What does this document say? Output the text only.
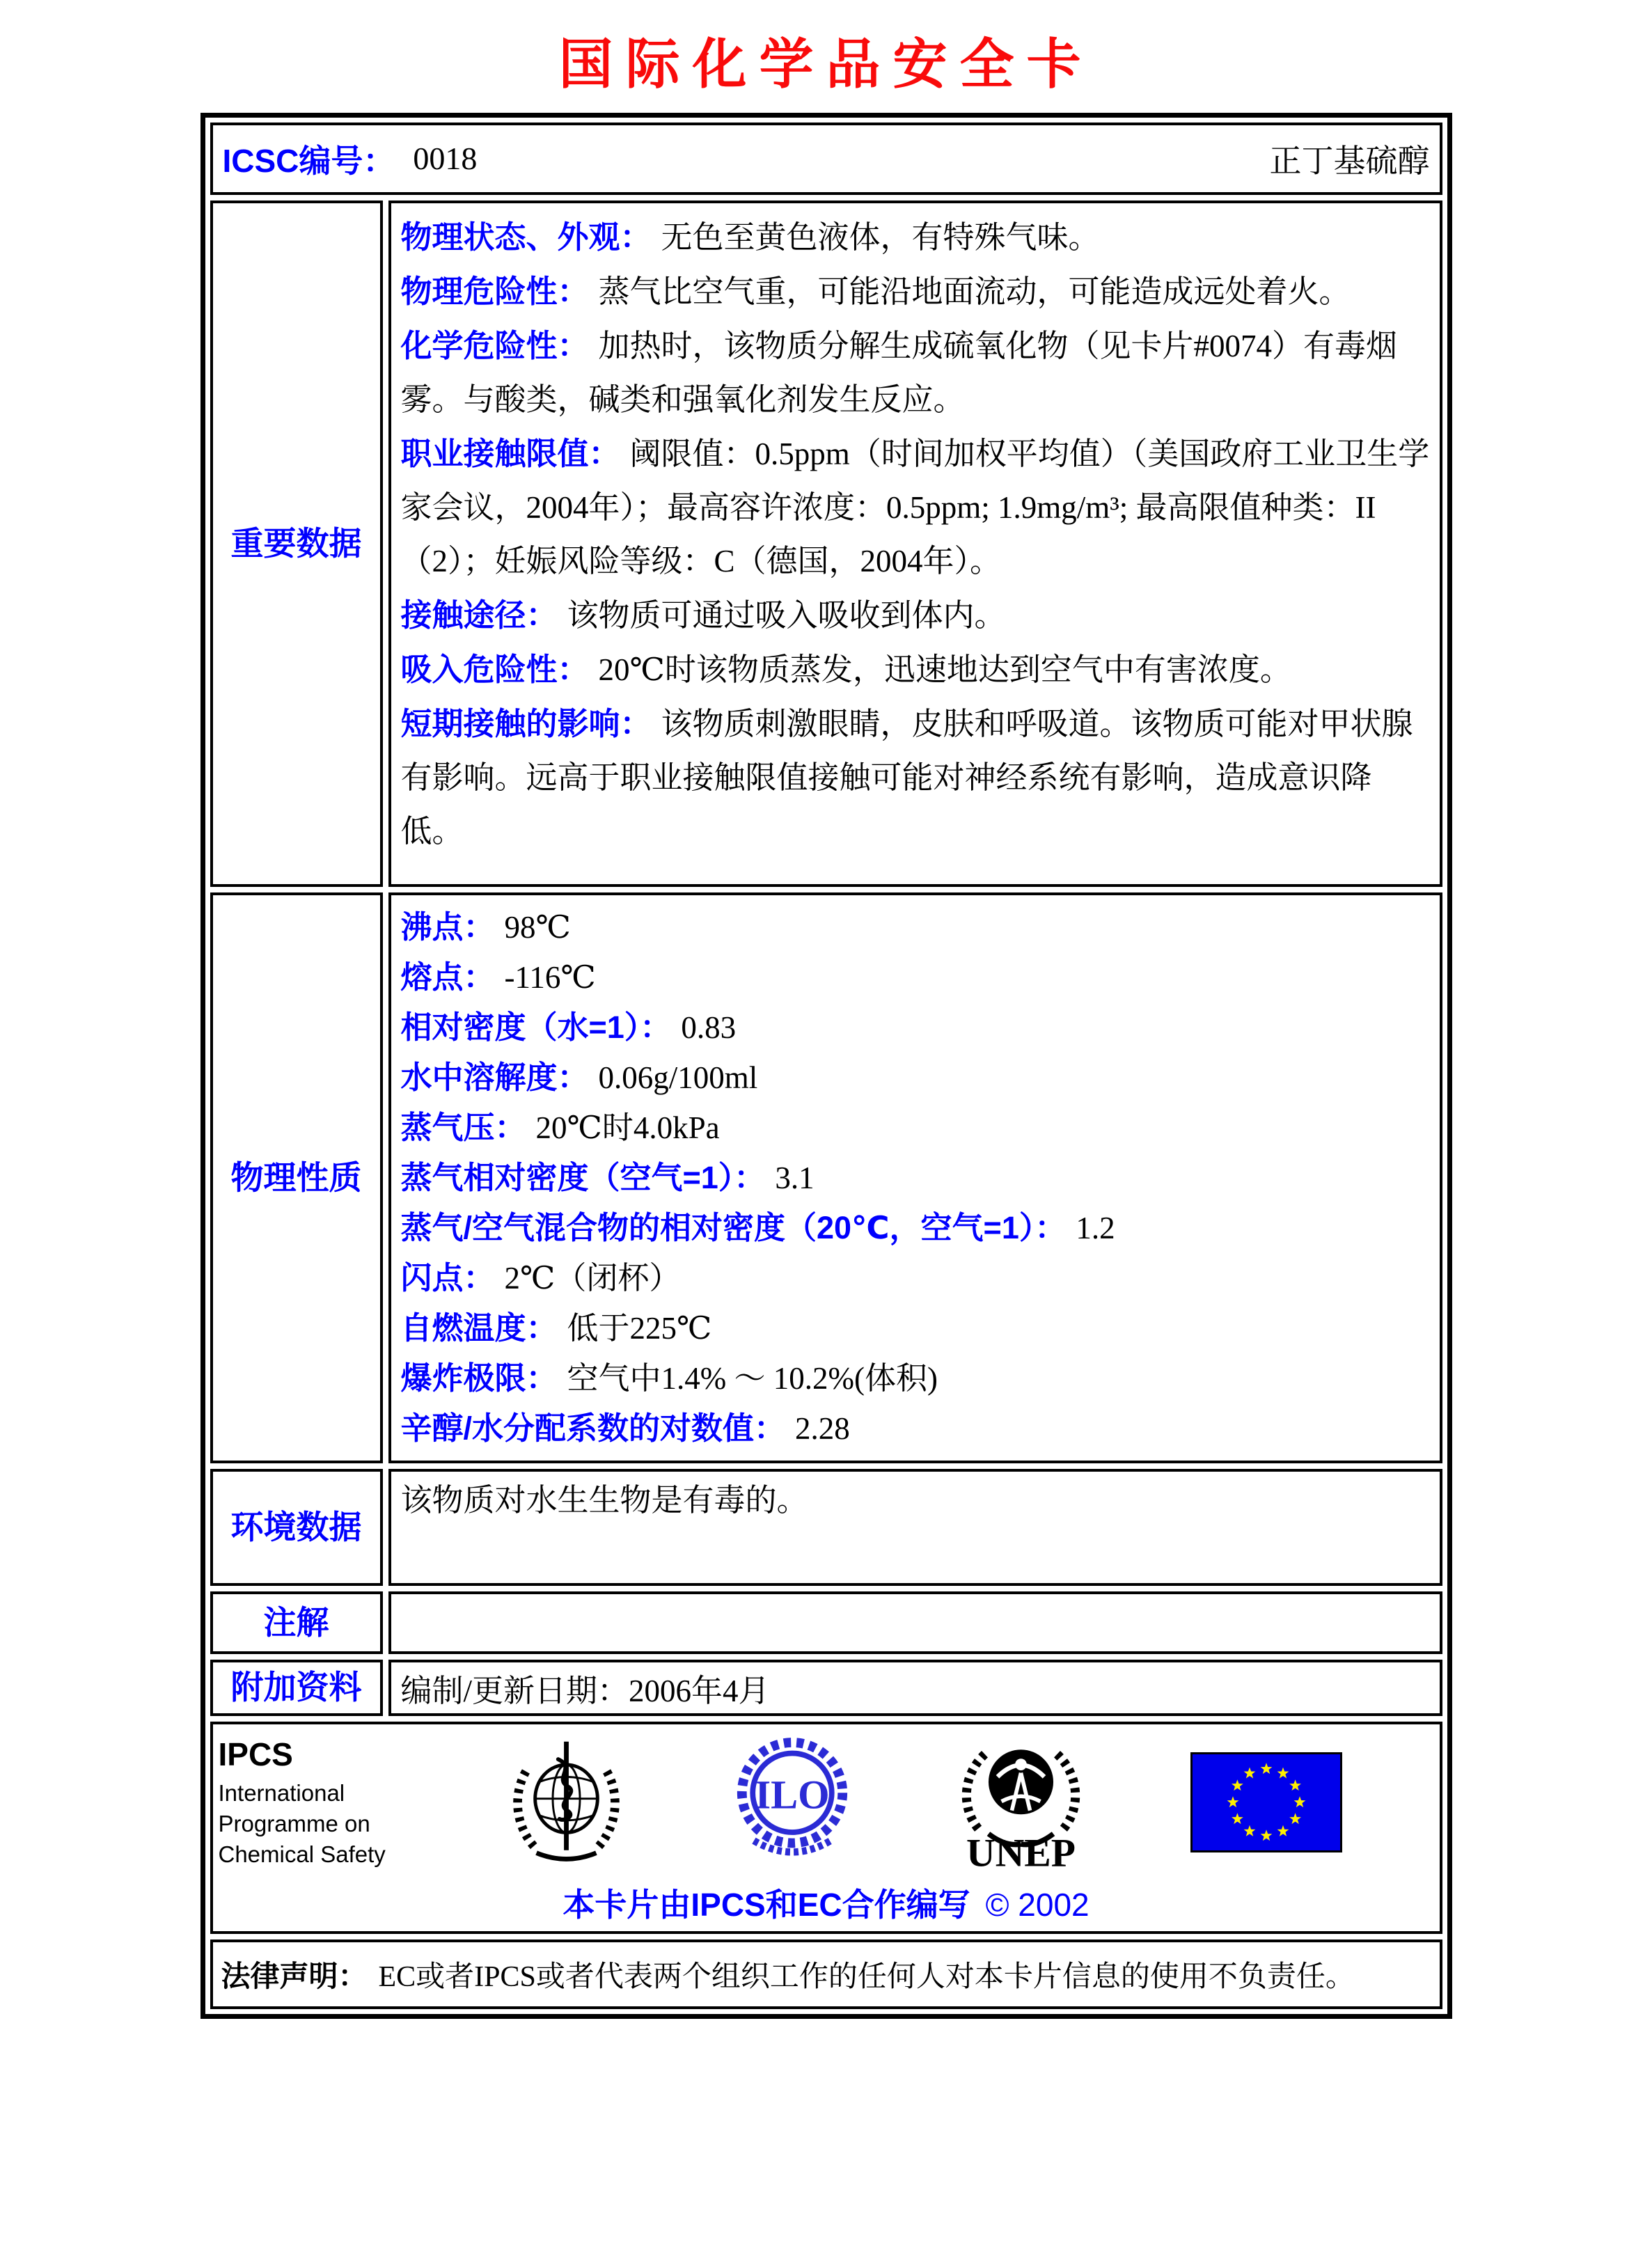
国际化学品安全卡
ICSC编号： 0018	正丁基硫醇
重要数据

物理状态、外观： 无色至黄色液体，有特殊气味。

物理危险性： 蒸气比空气重，可能沿地面流动，可能造成远处着火。

化学危险性： 加热时，该物质分解生成硫氧化物（见卡片#0074）有毒烟雾。与酸类，碱类和强氧化剂发生反应。

职业接触限值： 阈限值：0.5ppm（时间加权平均值）（美国政府工业卫生学家会议，2004年）；最高容许浓度：0.5ppm; 1.9mg/m³; 最高限值种类：II（2）；妊娠风险等级：C（德国，2004年）。

接触途径： 该物质可通过吸入吸收到体内。

吸入危险性： 20℃时该物质蒸发，迅速地达到空气中有害浓度。

短期接触的影响： 该物质刺激眼睛，皮肤和呼吸道。该物质可能对甲状腺有影响。远高于职业接触限值接触可能对神经系统有影响，造成意识降低。

物理性质

沸点： 98℃

熔点： -116℃

相对密度（水=1）： 0.83

水中溶解度： 0.06g/100ml

蒸气压： 20℃时4.0kPa

蒸气相对密度（空气=1）： 3.1

蒸气/空气混合物的相对密度（20℃，空气=1）： 1.2

闪点： 2℃（闭杯）

自燃温度： 低于225℃

爆炸极限： 空气中1.4% ～ 10.2%(体积)

辛醇/水分配系数的对数值： 2.28

环境数据

该物质对水生生物是有毒的。

注解
附加资料	编制/更新日期：2006年4月
IPCS
International
Programme on
Chemical Safety
ILO
UNEP
本卡片由IPCS和EC合作编写 © 2002
法律声明： EC或者IPCS或者代表两个组织工作的任何人对本卡片信息的使用不负责任。
